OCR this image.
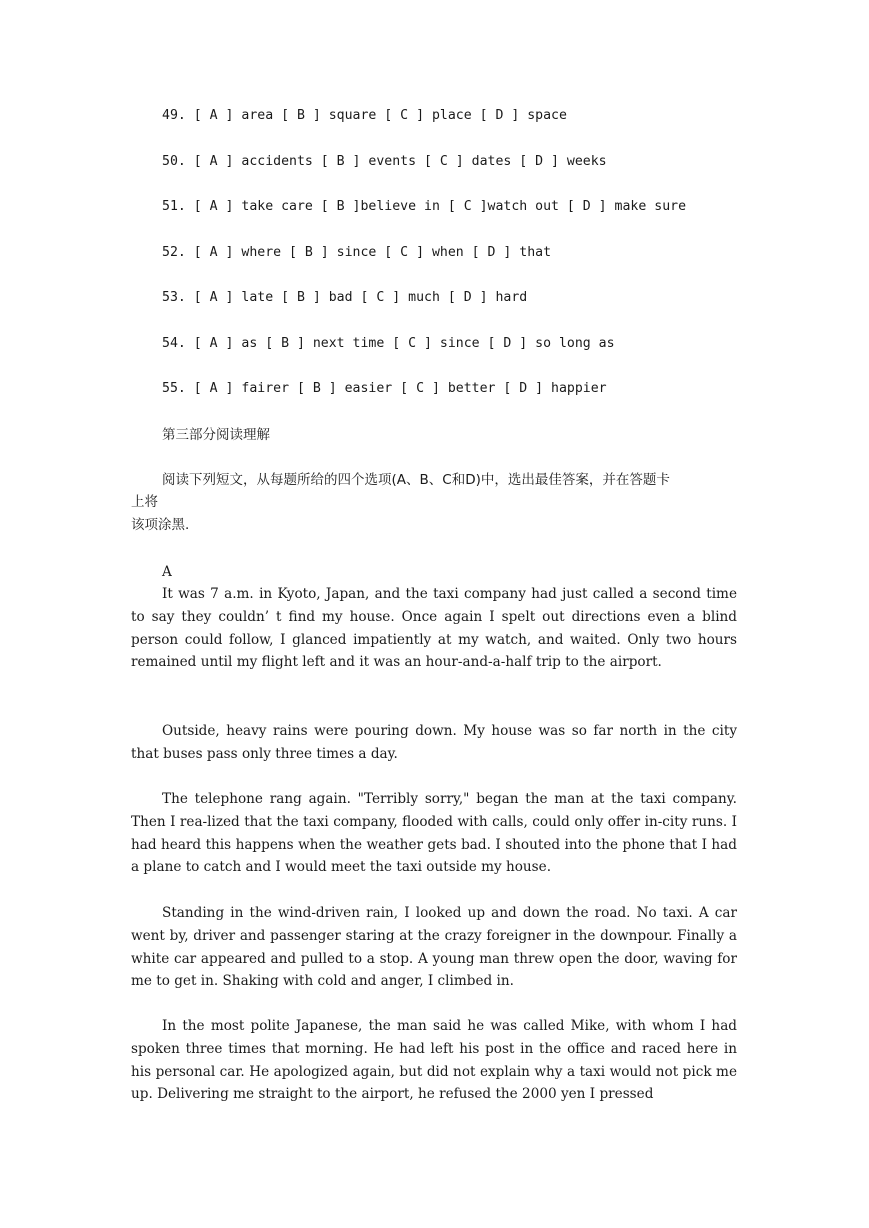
49. [ A ] area [ B ] square [ C ] place [ D ] space
50. [ A ] accidents [ B ] events [ C ] dates [ D ] weeks
51. [ A ] take care [ B ]believe in [ C ]watch out [ D ] make sure
52. [ A ] where [ B ] since [ C ] when [ D ] that
53. [ A ] late [ B ] bad [ C ] much [ D ] hard
54. [ A ] as [ B ] next time [ C ] since [ D ] so long as
55. [ A ] fairer [ B ] easier [ C ] better [ D ] happier
第三部分阅读理解
阅读下列短文，从每题所给的四个选项(A、B、C和D)中，选出最佳答案，并在答题卡
上将
该项涂黑.
A

It was 7 a.m. in Kyoto, Japan, and the taxi company had just called a second time to say they couldn’ t find my house. Once again I spelt out directions even a blind person could follow, I glanced impatiently at my watch, and waited. Only two hours remained until my flight left and it was an hour-and-a-half trip to the airport.

Outside, heavy rains were pouring down. My house was so far north in the city that buses pass only three times a day.

The telephone rang again. "Terribly sorry," began the man at the taxi company. Then I rea-lized that the taxi company, flooded with calls, could only offer in-city runs. I had heard this happens when the weather gets bad. I shouted into the phone that I had a plane to catch and I would meet the taxi outside my house.

Standing in the wind-driven rain, I looked up and down the road. No taxi. A car went by, driver and passenger staring at the crazy foreigner in the downpour. Finally a white car appeared and pulled to a stop. A young man threw open the door, waving for me to get in. Shaking with cold and anger, I climbed in.

In the most polite Japanese, the man said he was called Mike, with whom I had spoken three times that morning. He had left his post in the office and raced here in his personal car. He apologized again, but did not explain why a taxi would not pick me up. Delivering me straight to the airport, he refused the 2000 yen I pressed
